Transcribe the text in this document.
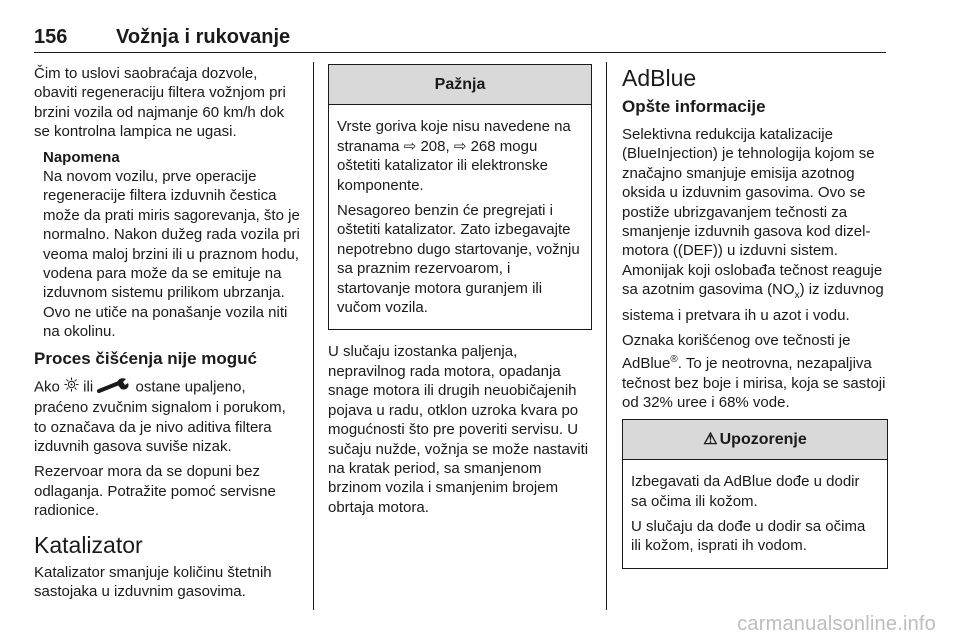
156 Vožnja i rukovanje

Čim to uslovi saobraćaja dozvole, obaviti regeneraciju filtera vožnjom pri brzini vozila od najmanje 60 km/h dok se kontrolna lampica ne ugasi.

Napomena
Na novom vozilu, prve operacije regeneracije filtera izduvnih čestica može da prati miris sagorevanja, što je normalno. Nakon dužeg rada vozila pri veoma maloj brzini ili u praznom hodu, vodena para može da se emituje na izduvnom sistemu prilikom ubrzanja. Ovo ne utiče na ponašanje vozila niti na okolinu.
Proces čišćenja nije moguć

Ako  ili  ostane upaljeno, praćeno zvučnim signalom i porukom, to označava da je nivo aditiva filtera izduvnih gasova suviše nizak.

Rezervoar mora da se dopuni bez odlaganja. Potražite pomoć servisne radionice.

Katalizator

Katalizator smanjuje količinu štetnih sastojaka u izduvnim gasovima.

Pažnja

Vrste goriva koje nisu navedene na stranama ⇨ 208, ⇨ 268 mogu oštetiti katalizator ili elektronske komponente.

Nesagoreo benzin će pregrejati i oštetiti katalizator. Zato izbegavajte nepotrebno dugo startovanje, vožnju sa praznim rezervoarom, i startovanje motora guranjem ili vučom vozila.

U slučaju izostanka paljenja, nepravilnog rada motora, opadanja snage motora ili drugih neuobičajenih pojava u radu, otklon uzroka kvara po mogućnosti što pre poveriti servisu. U sučaju nužde, vožnja se može nastaviti na kratak period, sa smanjenom brzinom vozila i smanjenim brojem obrtaja motora.

AdBlue
Opšte informacije

Selektivna redukcija katalizacije (BlueInjection) je tehnologija kojom se značajno smanjuje emisija azotnog oksida u izduvnim gasovima. Ovo se postiže ubrizgavanjem tečnosti za smanjenje izduvnih gasova kod dizel-motora ((DEF)) u izduvni sistem. Amonijak koji oslobađa tečnost reaguje sa azotnim gasovima $(NO_x)$ iz izduvnog sistema i pretvara ih u azot i vodu.

Oznaka korišćenog ove tečnosti je AdBlue®. To je neotrovna, nezapaljiva tečnost bez boje i mirisa, koja se sastoji od 32% uree i 68% vode.

⚠ Upozorenje

Izbegavati da AdBlue dođe u dodir sa očima ili kožom.

U slučaju da dođe u dodir sa očima ili kožom, isprati ih vodom.

carmanualsonline.info
